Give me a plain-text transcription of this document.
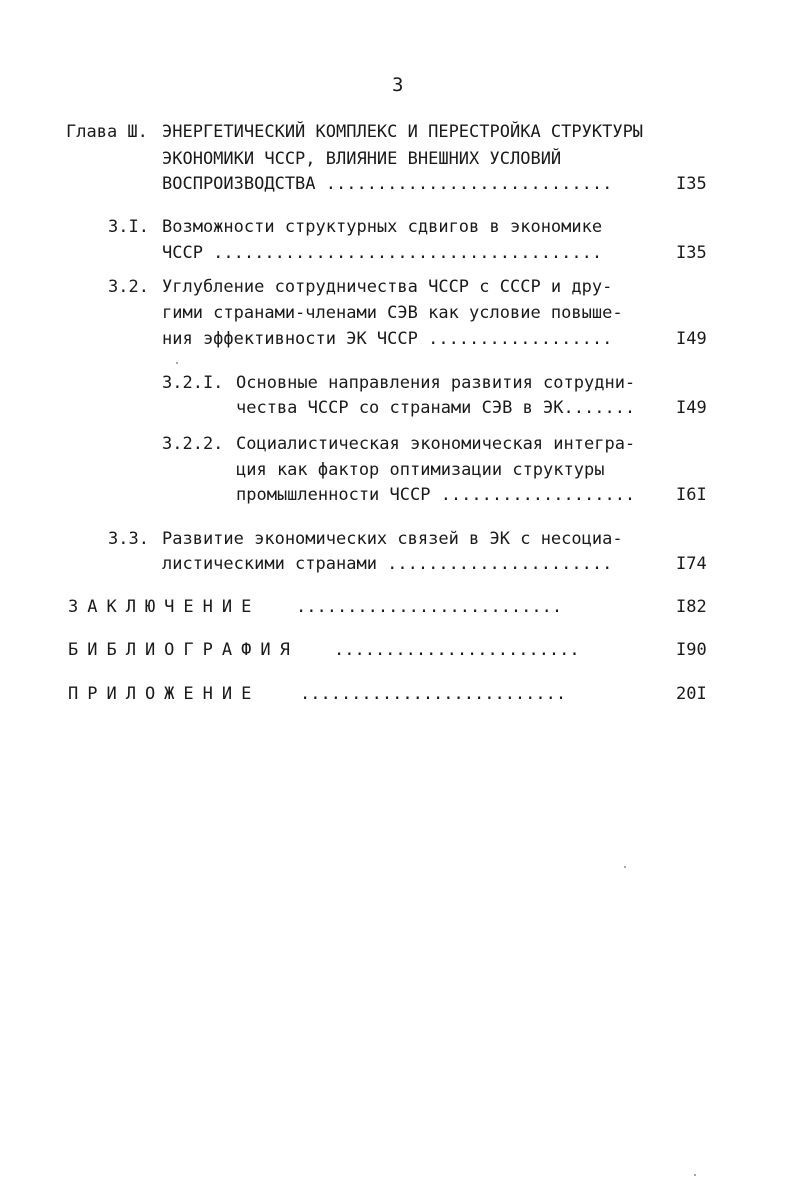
3
Глава Ш. ЭНЕРГЕТИЧЕСКИЙ КОМПЛЕКС И ПЕРЕСТРОЙКА СТРУКТУРЫ
ЭКОНОМИКИ ЧССР, ВЛИЯНИЕ ВНЕШНИХ УСЛОВИЙ
ВОСПРОИЗВОДСТВА ............................	I35
3.I. Возможности структурных сдвигов в экономике
ЧССР ......................................	I35
3.2. Углубление сотрудничества ЧССР с СССР и дру-
гими странами-членами СЭВ как условие повыше-
ния эффективности ЭК ЧССР ..................	I49
3.2.I. Основные направления развития сотрудни-
чества ЧССР со странами СЭВ в ЭК....... I49
3.2.2. Социалистическая экономическая интегра-
ция как фактор оптимизации структуры
промышленности ЧССР ................... I6I
3.3. Развитие экономических связей в ЭК с несоциа-
листическими странами ......................	I74
ЗАКЛЮЧЕНИЕ ..........................	I82
БИБЛИОГРАФИЯ ........................	I90
ПРИЛОЖЕНИЕ ..........................	20I
